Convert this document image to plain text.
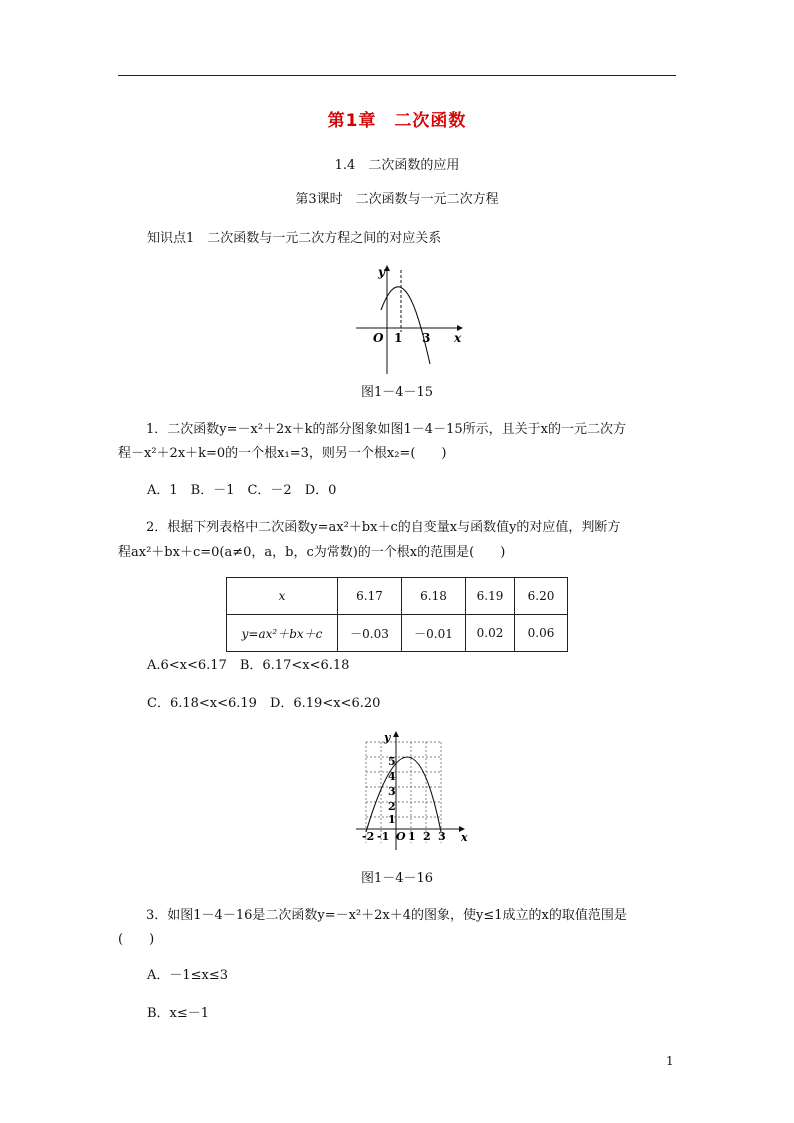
第1章　二次函数
1.4　二次函数的应用
第3课时　二次函数与一元二次方程
知识点1　二次函数与一元二次方程之间的对应关系
y
O 1 3 x
图1－4－15
1．二次函数y=－x²＋2x＋k的部分图象如图1－4－15所示，且关于x的一元二次方
程－x²＋2x＋k=0的一个根x₁=3，则另一个根x₂=(　　)
A．1　B．－1　C．－2　D．0
2．根据下列表格中二次函数y=ax²＋bx＋c的自变量x与函数值y的对应值，判断方
程ax²＋bx＋c=0(a≠0，a，b，c为常数)的一个根x的范围是(　　)
x	6.17	6.18	6.19	6.20
y=ax²＋bx＋c	－0.03	－0.01	0.02	0.06
A.6<x<6.17　B．6.17<x<6.18
C．6.18<x<6.19　D．6.19<x<6.20
y
x
O
1
2
3
4
5
-2 -1 1 2 3
图1－4－16
3．如图1－4－16是二次函数y=－x²＋2x＋4的图象，使y≤1成立的x的取值范围是
(　　)
A．－1≤x≤3
B．x≤－1
1
